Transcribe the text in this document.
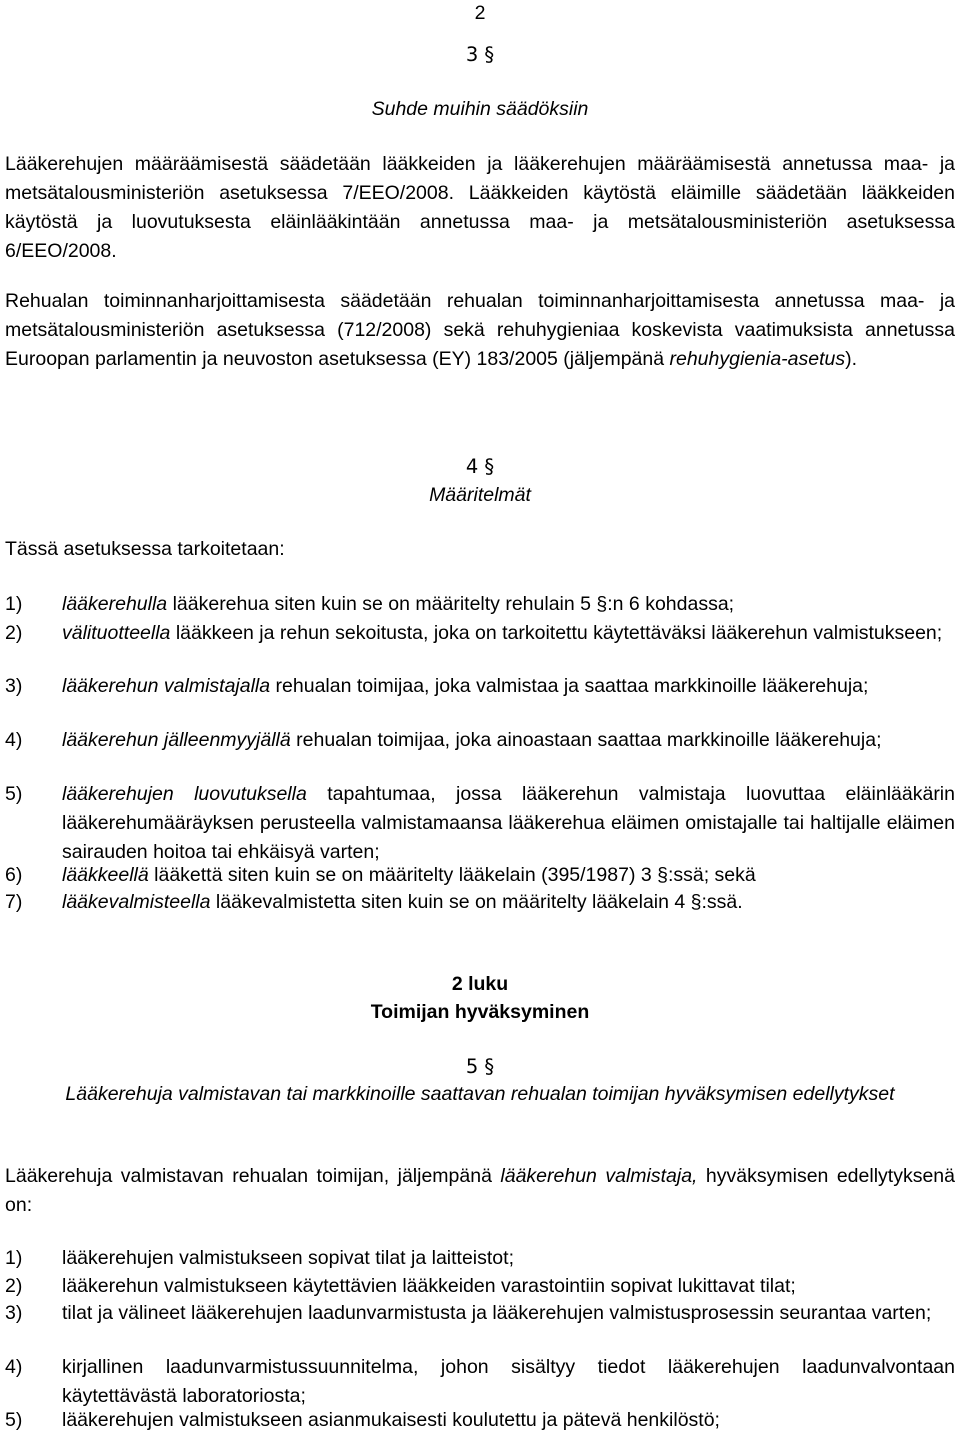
2
3 §
Suhde muihin säädöksiin
Lääkerehujen määräämisestä säädetään lääkkeiden ja lääkerehujen määräämisestä annetussa maa- ja metsätalousministeriön asetuksessa 7/EEO/2008. Lääkkeiden käytöstä eläimille säädetään lääkkeiden käytöstä ja luovutuksesta eläinlääkintään annetussa maa- ja metsätalousministeriön asetuksessa 6/EEO/2008.
Rehualan toiminnanharjoittamisesta säädetään rehualan toiminnanharjoittamisesta annetussa maa- ja metsätalousministeriön asetuksessa (712/2008) sekä rehuhygieniaa koskevista vaatimuksista annetussa Euroopan parlamentin ja neuvoston asetuksessa (EY) 183/2005 (jäljempänä rehuhygienia-asetus).
4 §
Määritelmät
Tässä asetuksessa tarkoitetaan:
1)	lääkerehulla lääkerehua siten kuin se on määritelty rehulain 5 §:n 6 kohdassa;
2)	välituotteella lääkkeen ja rehun sekoitusta, joka on tarkoitettu käytettäväksi lääkerehun valmistukseen;
3)	lääkerehun valmistajalla rehualan toimijaa, joka valmistaa ja saattaa markkinoille lääkerehuja;
4)	lääkerehun jälleenmyyjällä rehualan toimijaa, joka ainoastaan saattaa markkinoille lääkerehuja;
5)	lääkerehujen luovutuksella tapahtumaa, jossa lääkerehun valmistaja luovuttaa eläinlääkärin lääkerehumääräyksen perusteella valmistamaansa lääkerehua eläimen omistajalle tai haltijalle eläimen sairauden hoitoa tai ehkäisyä varten;
6)	lääkkeellä lääkettä siten kuin se on määritelty lääkelain (395/1987) 3 §:ssä; sekä
7)	lääkevalmisteella lääkevalmistetta siten kuin se on määritelty lääkelain 4 §:ssä.
2 luku
Toimijan hyväksyminen
5 §
Lääkerehuja valmistavan tai markkinoille saattavan rehualan toimijan hyväksymisen edellytykset
Lääkerehuja valmistavan rehualan toimijan, jäljempänä lääkerehun valmistaja, hyväksymisen edellytyksenä on:
1)	lääkerehujen valmistukseen sopivat tilat ja laitteistot;
2)	lääkerehun valmistukseen käytettävien lääkkeiden varastointiin sopivat lukittavat tilat;
3)	tilat ja välineet lääkerehujen laadunvarmistusta ja lääkerehujen valmistusprosessin seurantaa varten;
4)	kirjallinen laadunvarmistussuunnitelma, johon sisältyy tiedot lääkerehujen laadunvalvontaan käytettävästä laboratoriosta;
5)	lääkerehujen valmistukseen asianmukaisesti koulutettu ja pätevä henkilöstö;
